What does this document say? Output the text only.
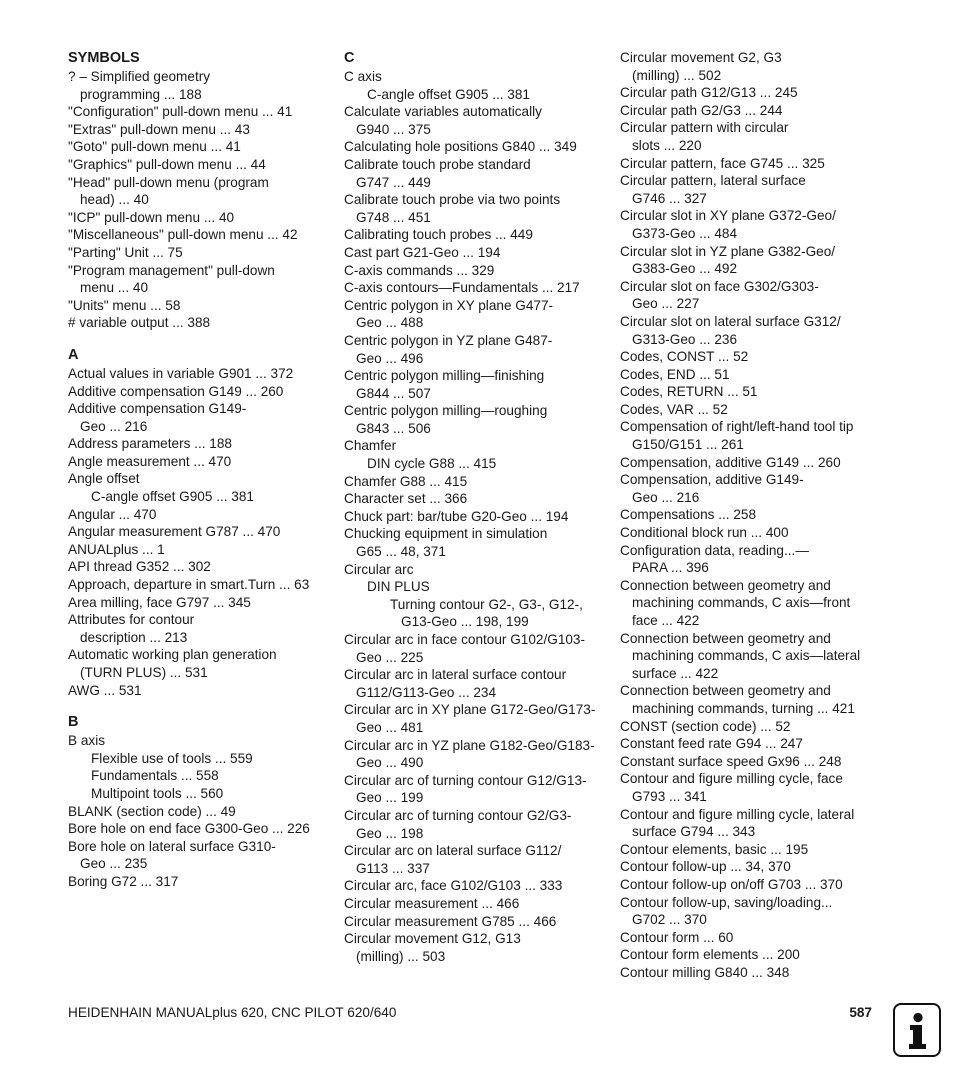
SYMBOLS
? – Simplified geometry
programming ... 188
"Configuration" pull-down menu ... 41
"Extras" pull-down menu ... 43
"Goto" pull-down menu ... 41
"Graphics" pull-down menu ... 44
"Head" pull-down menu (program
head) ... 40
"ICP" pull-down menu ... 40
"Miscellaneous" pull-down menu ... 42
"Parting" Unit ... 75
"Program management" pull-down
menu ... 40
"Units" menu ... 58
# variable output ... 388
A
Actual values in variable G901 ... 372
Additive compensation G149 ... 260
Additive compensation G149-
Geo ... 216
Address parameters ... 188
Angle measurement ... 470
Angle offset
C-angle offset G905 ... 381
Angular ... 470
Angular measurement G787 ... 470
ANUALplus ... 1
API thread G352 ... 302
Approach, departure in smart.Turn ... 63
Area milling, face G797 ... 345
Attributes for contour
description ... 213
Automatic working plan generation
(TURN PLUS) ... 531
AWG ... 531
B
B axis
Flexible use of tools ... 559
Fundamentals ... 558
Multipoint tools ... 560
BLANK (section code) ... 49
Bore hole on end face G300-Geo ... 226
Bore hole on lateral surface G310-
Geo ... 235
Boring G72 ... 317
C
C axis
C-angle offset G905 ... 381
Calculate variables automatically
G940 ... 375
Calculating hole positions G840 ... 349
Calibrate touch probe standard
G747 ... 449
Calibrate touch probe via two points
G748 ... 451
Calibrating touch probes ... 449
Cast part G21-Geo ... 194
C-axis commands ... 329
C-axis contours—Fundamentals ... 217
Centric polygon in XY plane G477-
Geo ... 488
Centric polygon in YZ plane G487-
Geo ... 496
Centric polygon milling—finishing
G844 ... 507
Centric polygon milling—roughing
G843 ... 506
Chamfer
DIN cycle G88 ... 415
Chamfer G88 ... 415
Character set ... 366
Chuck part: bar/tube G20-Geo ... 194
Chucking equipment in simulation
G65 ... 48, 371
Circular arc
DIN PLUS
Turning contour G2-, G3-, G12-,
G13-Geo ... 198, 199
Circular arc in face contour G102/G103-
Geo ... 225
Circular arc in lateral surface contour
G112/G113-Geo ... 234
Circular arc in XY plane G172-Geo/G173-
Geo ... 481
Circular arc in YZ plane G182-Geo/G183-
Geo ... 490
Circular arc of turning contour G12/G13-
Geo ... 199
Circular arc of turning contour G2/G3-
Geo ... 198
Circular arc on lateral surface G112/
G113 ... 337
Circular arc, face G102/G103 ... 333
Circular measurement ... 466
Circular measurement G785 ... 466
Circular movement G12, G13
(milling) ... 503
Circular movement G2, G3
(milling) ... 502
Circular path G12/G13 ... 245
Circular path G2/G3 ... 244
Circular pattern with circular
slots ... 220
Circular pattern, face G745 ... 325
Circular pattern, lateral surface
G746 ... 327
Circular slot in XY plane G372-Geo/
G373-Geo ... 484
Circular slot in YZ plane G382-Geo/
G383-Geo ... 492
Circular slot on face G302/G303-
Geo ... 227
Circular slot on lateral surface G312/
G313-Geo ... 236
Codes, CONST ... 52
Codes, END ... 51
Codes, RETURN ... 51
Codes, VAR ... 52
Compensation of right/left-hand tool tip
G150/G151 ... 261
Compensation, additive G149 ... 260
Compensation, additive G149-
Geo ... 216
Compensations ... 258
Conditional block run ... 400
Configuration data, reading...—
PARA ... 396
Connection between geometry and
machining commands, C axis—front
face ... 422
Connection between geometry and
machining commands, C axis—lateral
surface ... 422
Connection between geometry and
machining commands, turning ... 421
CONST (section code) ... 52
Constant feed rate G94 ... 247
Constant surface speed Gx96 ... 248
Contour and figure milling cycle, face
G793 ... 341
Contour and figure milling cycle, lateral
surface G794 ... 343
Contour elements, basic ... 195
Contour follow-up ... 34, 370
Contour follow-up on/off G703 ... 370
Contour follow-up, saving/loading...
G702 ... 370
Contour form ... 60
Contour form elements ... 200
Contour milling G840 ... 348
HEIDENHAIN MANUALplus 620, CNC PILOT 620/640	587
